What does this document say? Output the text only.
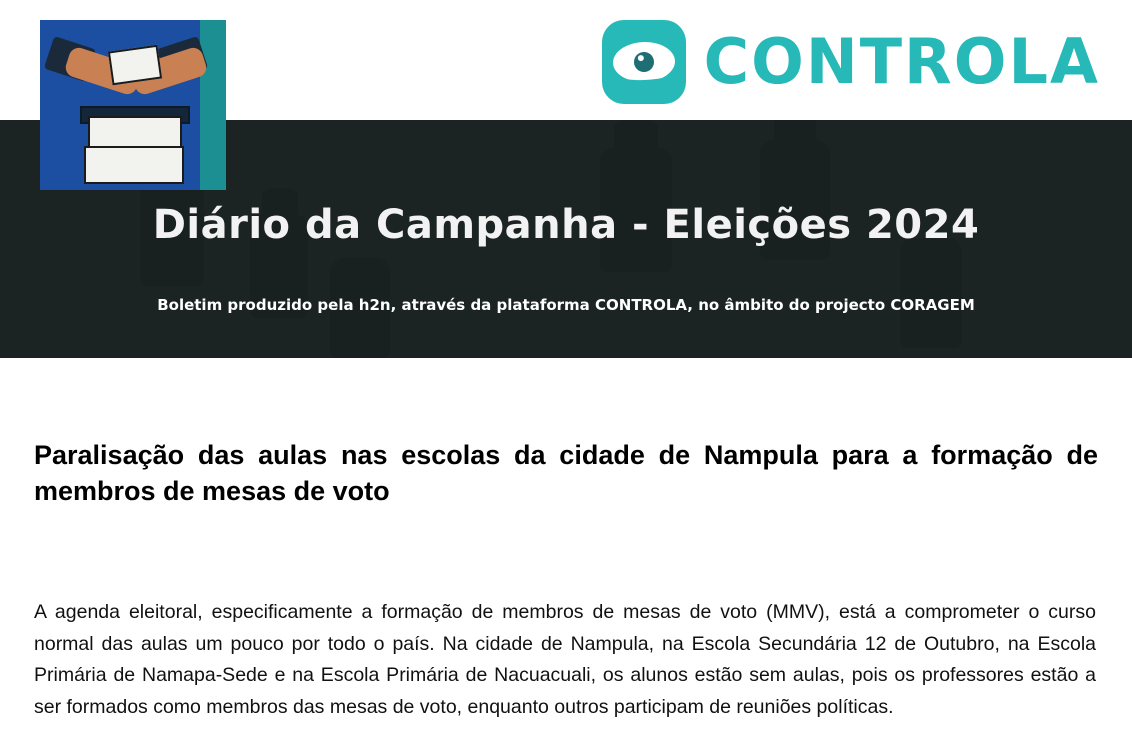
Diário da Campanha - Eleições 2024
Boletim produzido pela h2n, através da plataforma CONTROLA, no âmbito do projecto CORAGEM
CONTROLA
Paralisação das aulas nas escolas da cidade de Nampula para a formação de membros de mesas de voto

A agenda eleitoral, especificamente a formação de membros de mesas de voto (MMV), está a comprometer o curso normal das aulas um pouco por todo o país. Na cidade de Nampula, na Escola Secundária 12 de Outubro, na Escola Primária de Namapa-Sede e na Escola Primária de Nacuacuali, os alunos estão sem aulas, pois os professores estão a ser formados como membros das mesas de voto, enquanto outros participam de reuniões políticas.
